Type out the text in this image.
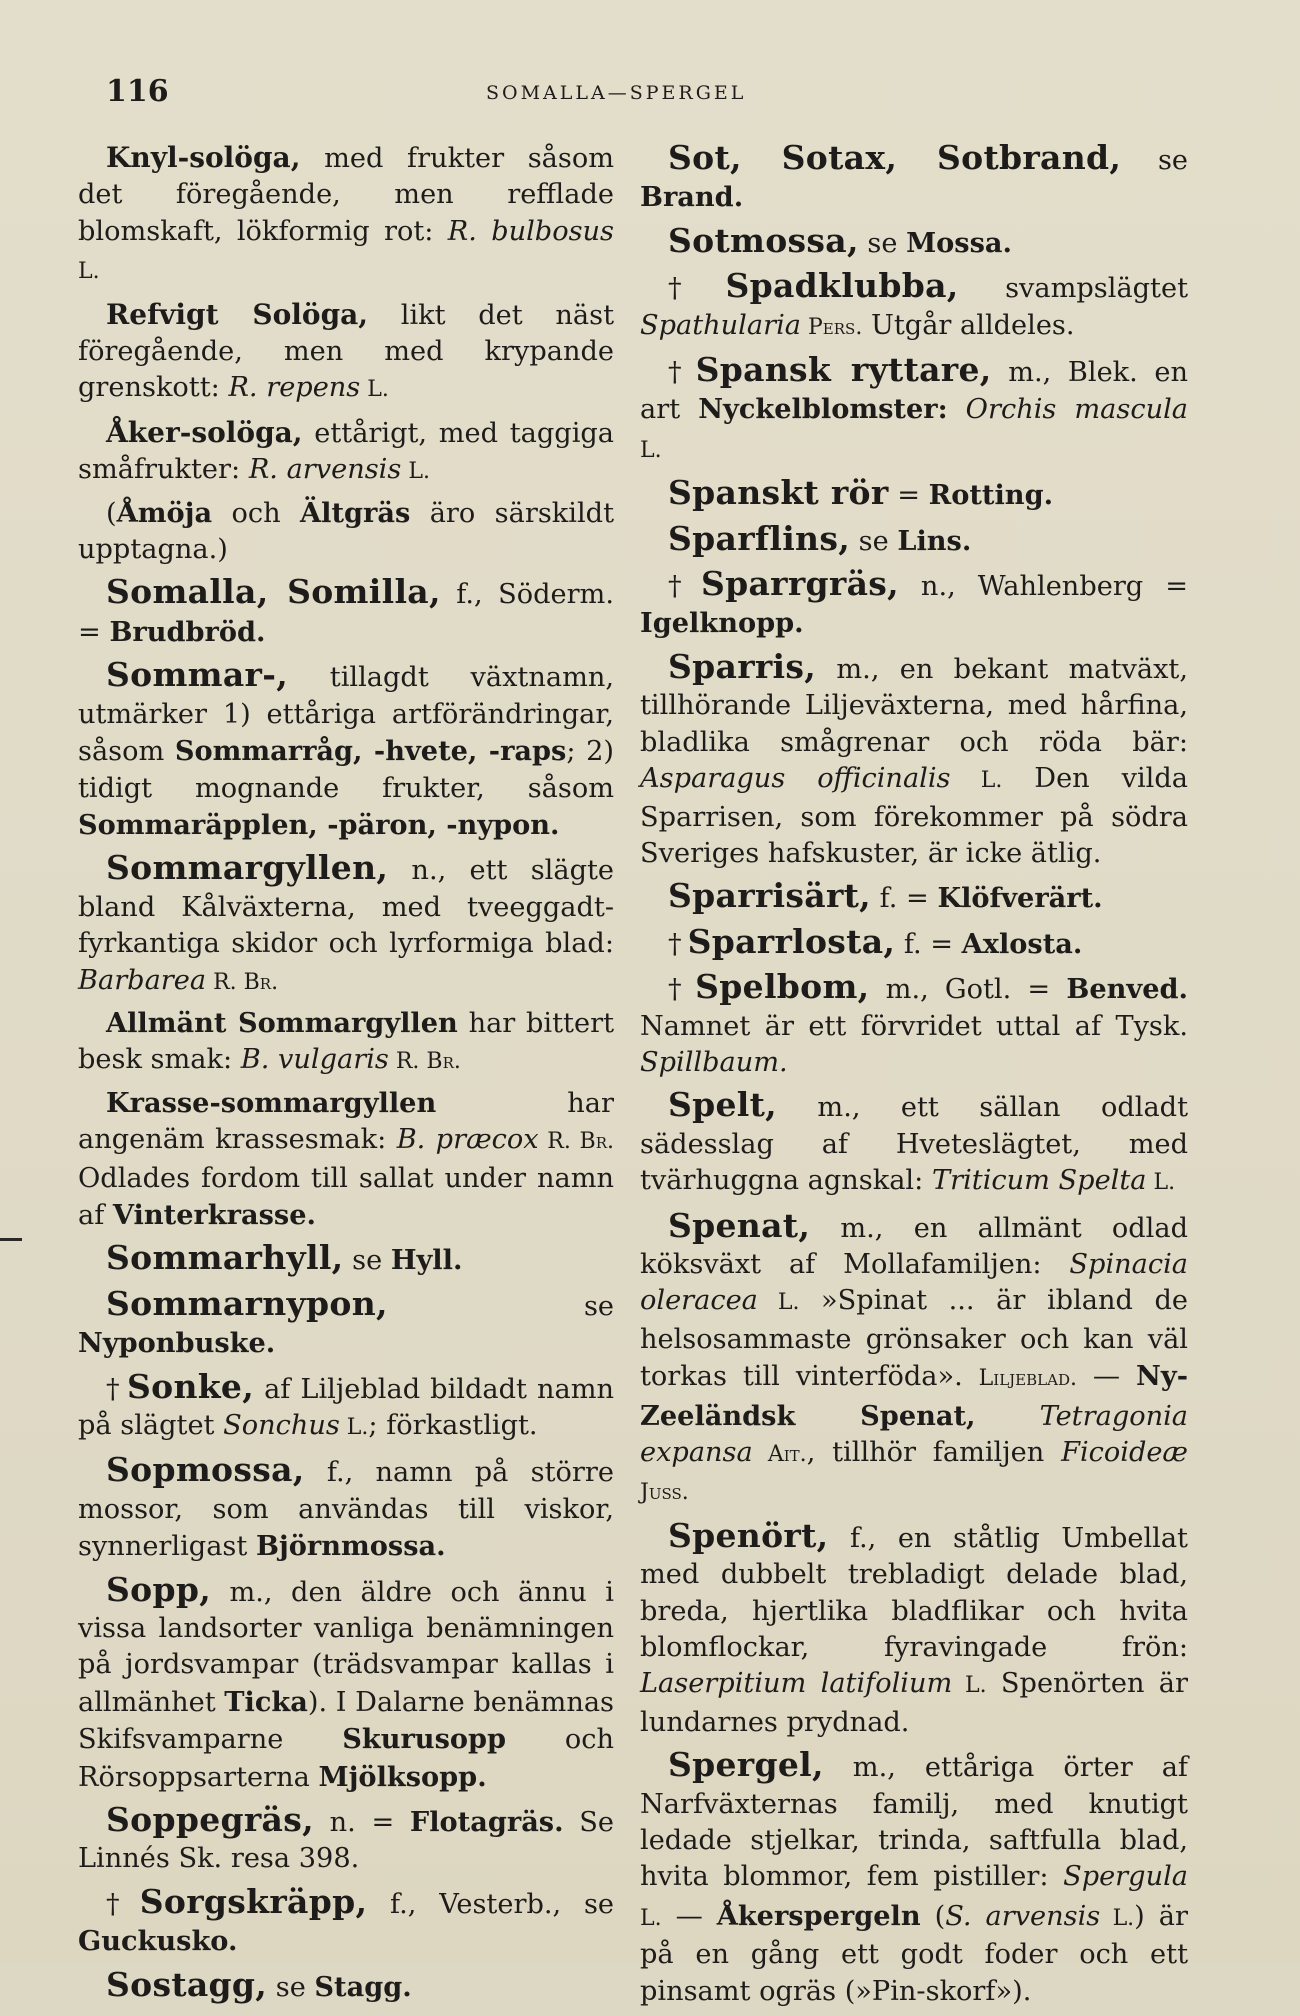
116	SOMALLA—SPERGEL

Knyl-solöga, med frukter såsom det föregående, men refflade blomskaft, lökformig rot: R. bulbosus L.

Refvigt Solöga, likt det näst föregående, men med krypande grenskott: R. repens L.

Åker-solöga, ettårigt, med taggiga småfrukter: R. arvensis L.

(Åmöja och Ältgräs äro särskildt upptagna.)

Somalla, Somilla, f., Söderm. = Brudbröd.

Sommar-, tillagdt växtnamn, utmärker 1) ettåriga artförändringar, såsom Sommarråg, -hvete, -raps; 2) tidigt mognande frukter, såsom Sommaräpplen, -päron, -nypon.

Sommargyllen, n., ett slägte bland Kålväxterna, med tveeggadt-fyrkantiga skidor och lyrformiga blad: Barbarea R. Br.

Allmänt Sommargyllen har bittert besk smak: B. vulgaris R. Br.

Krasse-sommargyllen har angenäm krassesmak: B. præcox R. Br. Odlades fordom till sallat under namn af Vinterkrasse.

Sommarhyll, se Hyll.

Sommarnypon, se Nyponbuske.

† Sonke, af Liljeblad bildadt namn på slägtet Sonchus L.; förkastligt.

Sopmossa, f., namn på större mossor, som användas till viskor, synnerligast Björnmossa.

Sopp, m., den äldre och ännu i vissa landsorter vanliga benämningen på jordsvampar (trädsvampar kallas i allmänhet Ticka). I Dalarne benämnas Skifsvamparne Skurusopp och Rörsoppsarterna Mjölksopp.

Soppegräs, n. = Flotagräs. Se Linnés Sk. resa 398.

† Sorgskräpp, f., Vesterb., se Guckusko.

Sostagg, se Stagg.

Sot, Sotax, Sotbrand, se Brand.

Sotmossa, se Mossa.

† Spadklubba, svampslägtet Spathularia Pers. Utgår alldeles.

† Spansk ryttare, m., Blek. en art Nyckelblomster: Orchis mascula L.

Spanskt rör = Rotting.

Sparflins, se Lins.

† Sparrgräs, n., Wahlenberg = Igelknopp.

Sparris, m., en bekant matväxt, tillhörande Liljeväxterna, med hårfina, bladlika smågrenar och röda bär: Asparagus officinalis L. Den vilda Sparrisen, som förekommer på södra Sveriges hafskuster, är icke ätlig.

Sparrisärt, f. = Klöfverärt.

† Sparrlosta, f. = Axlosta.

† Spelbom, m., Gotl. = Benved. Namnet är ett förvridet uttal af Tysk. Spillbaum.

Spelt, m., ett sällan odladt sädesslag af Hveteslägtet, med tvärhuggna agnskal: Triticum Spelta L.

Spenat, m., en allmänt odlad köksväxt af Mollafamiljen: Spinacia oleracea L. »Spinat ... är ibland de helsosammaste grönsaker och kan väl torkas till vinterföda». Liljeblad. — Ny-Zeeländsk Spenat, Tetragonia expansa Ait., tillhör familjen Ficoideæ Juss.

Spenört, f., en ståtlig Umbellat med dubbelt trebladigt delade blad, breda, hjertlika bladflikar och hvita blomflockar, fyravingade frön: Laserpitium latifolium L. Spenörten är lundarnes prydnad.

Spergel, m., ettåriga örter af Narfväxternas familj, med knutigt ledade stjelkar, trinda, saftfulla blad, hvita blommor, fem pistiller: Spergula L. — Åkerspergeln (S. arvensis L.) är på en gång ett godt foder och ett pinsamt ogräs (»Pin-skorf»).
